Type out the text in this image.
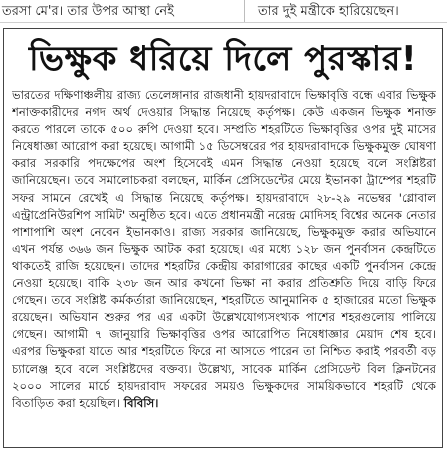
তরসা মে'র। তার উপর আস্থা নেই	তার দুই মন্ত্রীকে হারিয়েছেন।
ভিক্ষুক ধরিয়ে দিলে পুরস্কার!
ভারতের দক্ষিণাঞ্চলীয় রাজ্য তেলেঙ্গানার রাজধানী হায়দরাবাদে ভিক্ষাবৃত্তি বন্ধে এবার ভিক্ষুক শনাক্তকারীদের নগদ অর্থ দেওয়ার সিদ্ধান্ত নিয়েছে কর্তৃপক্ষ। কেউ একজন ভিক্ষুক শনাক্ত করতে পারলে তাকে ৫০০ রুপি দেওয়া হবে। সম্প্রতি শহরটিতে ভিক্ষাবৃত্তির ওপর দুই মাসের নিষেধাজ্ঞা আরোপ করা হয়েছে। আগামী ১৫ ডিসেম্বরের পর হায়দরাবাদকে ভিক্ষুকমুক্ত ঘোষণা করার সরকারি পদক্ষেপের অংশ হিসেবেই এমন সিদ্ধান্ত নেওয়া হয়েছে বলে সংশ্লিষ্টরা জানিয়েছেন। তবে সমালোচকরা বলছেন, মার্কিন প্রেসিডেন্টের মেয়ে ইভানকা ট্রাম্পের শহরটি সফর সামনে রেখেই এ সিদ্ধান্ত নিয়েছে কর্তৃপক্ষ। হায়দরাবাদে ২৮-২৯ নভেম্বর 'গ্লোবাল এন্ট্রাপ্রেনিউরশিপ সামিট' অনুষ্ঠিত হবে। এতে প্রধানমন্ত্রী নরেন্দ্র মোদিসহ বিশ্বের অনেক নেতার পাশাপাশি অংশ নেবেন ইভানকাও। রাজ্য সরকার জানিয়েছে, ভিক্ষুকমুক্ত করার অভিযানে এখন পর্যন্ত ৩৬৬ জন ভিক্ষুক আটক করা হয়েছে। এর মধ্যে ১২৮ জন পুনর্বাসন কেন্দ্রটিতে থাকতেই রাজি হয়েছেন। তাদের শহরটির কেন্দ্রীয় কারাগারের কাছের একটি পুনর্বাসন কেন্দ্রে নেওয়া হয়েছে। বাকি ২৩৮ জন আর কখনো ভিক্ষা না করার প্রতিশ্রুতি দিয়ে বাড়ি ফিরে গেছেন। তবে সংশ্লিষ্ট কর্মকর্তারা জানিয়েছেন, শহরটিতে আনুমানিক ৫ হাজারের মতো ভিক্ষুক রয়েছেন। অভিযান শুরুর পর এর একটা উল্লেখযোগ্যসংখ্যক পাশের শহরগুলোয় পালিয়ে গেছেন। আগামী ৭ জানুয়ারি ভিক্ষাবৃত্তির ওপর আরোপিত নিষেধাজ্ঞার মেয়াদ শেষ হবে। এরপর ভিক্ষুকরা যাতে আর শহরটিতে ফিরে না আসতে পারেন তা নিশ্চিত করাই পরবর্তী বড় চ্যালেঞ্জ হবে বলে সংশ্লিষ্টদের বক্তব্য। উল্লেখ্য, সাবেক মার্কিন প্রেসিডেন্ট বিল ক্লিনটনের ২০০০ সালের মার্চে হায়দরাবাদ সফরের সময়ও ভিক্ষুকদের সাময়িকভাবে শহরটি থেকে বিতাড়িত করা হয়েছিল। বিবিসি।
